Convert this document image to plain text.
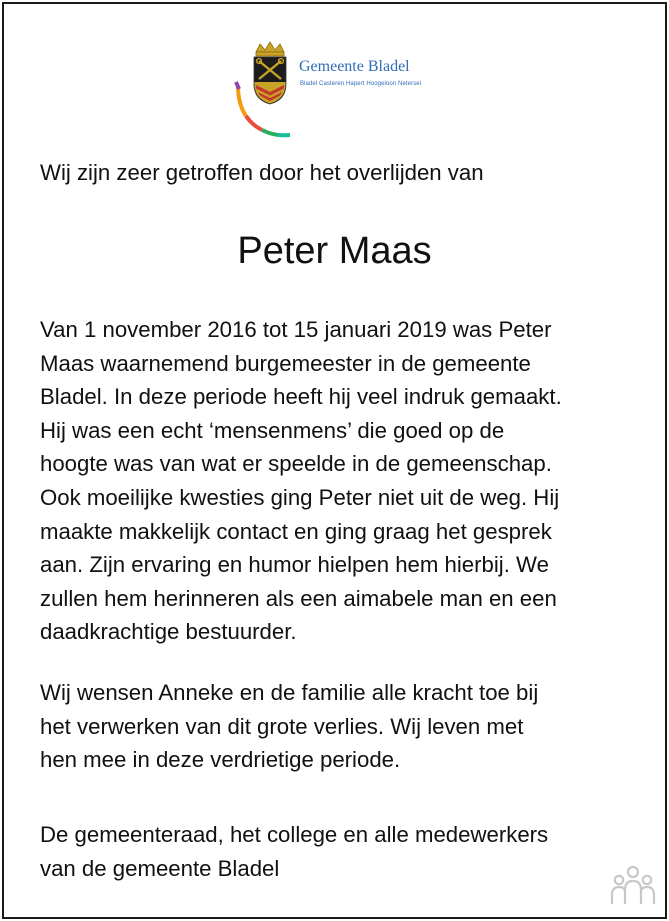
Gemeente Bladel
Bladel Casteren Hapert Hoogeloon Netersel
Wij zijn zeer getroffen door het overlijden van
Peter Maas
Van 1 november 2016 tot 15 januari 2019 was Peter
Maas waarnemend burgemeester in de gemeente
Bladel. In deze periode heeft hij veel indruk gemaakt.
Hij was een echt ‘mensenmens’ die goed op de
hoogte was van wat er speelde in de gemeenschap.
Ook moeilijke kwesties ging Peter niet uit de weg. Hij
maakte makkelijk contact en ging graag het gesprek
aan. Zijn ervaring en humor hielpen hem hierbij. We
zullen hem herinneren als een aimabele man en een
daadkrachtige bestuurder.
Wij wensen Anneke en de familie alle kracht toe bij
het verwerken van dit grote verlies. Wij leven met
hen mee in deze verdrietige periode.
De gemeenteraad, het college en alle medewerkers
van de gemeente Bladel
